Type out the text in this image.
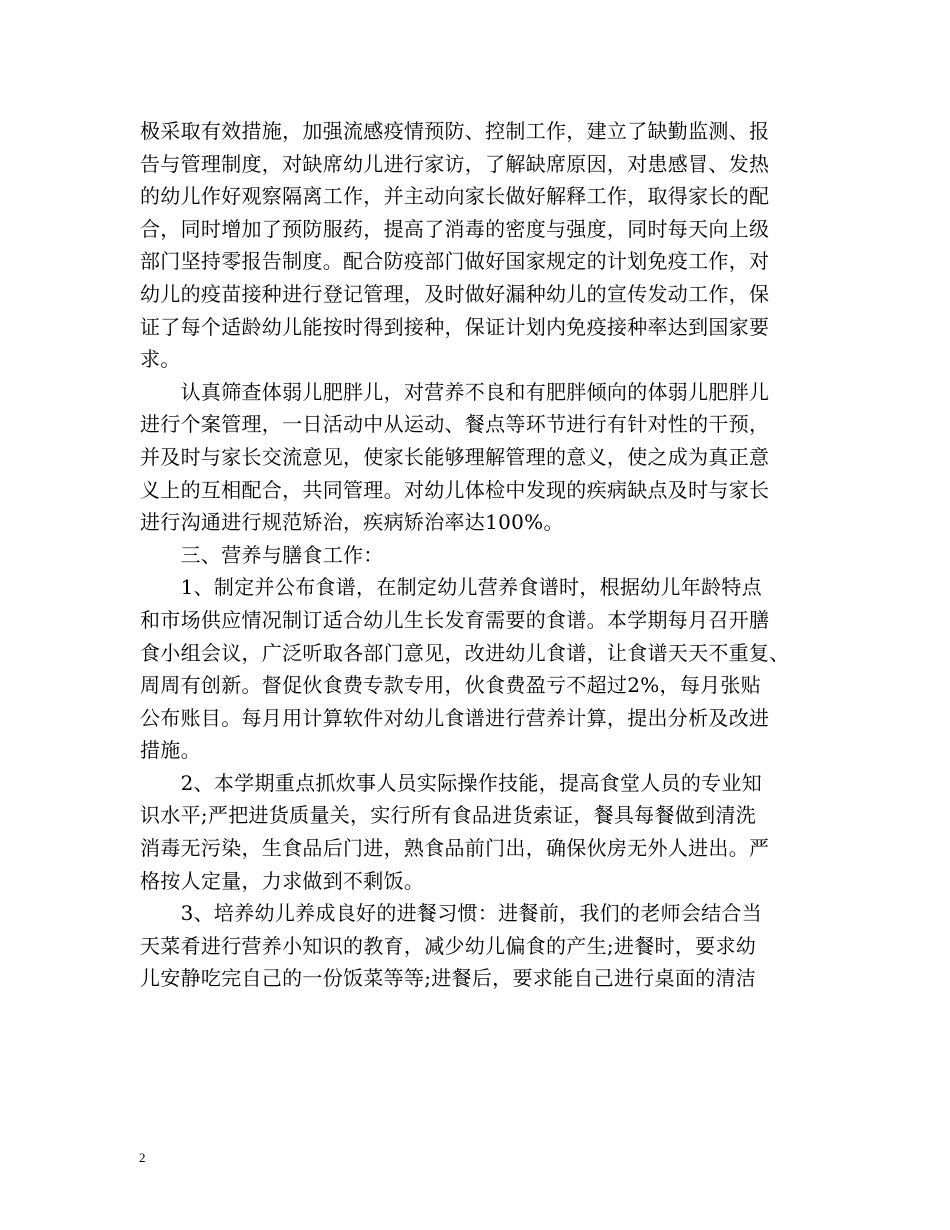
极采取有效措施，加强流感疫情预防、控制工作，建立了缺勤监测、报
告与管理制度，对缺席幼儿进行家访，了解缺席原因，对患感冒、发热
的幼儿作好观察隔离工作，并主动向家长做好解释工作，取得家长的配
合，同时增加了预防服药，提高了消毒的密度与强度，同时每天向上级
部门坚持零报告制度。配合防疫部门做好国家规定的计划免疫工作，对
幼儿的疫苗接种进行登记管理，及时做好漏种幼儿的宣传发动工作，保
证了每个适龄幼儿能按时得到接种，保证计划内免疫接种率达到国家要
求。
　　认真筛查体弱儿肥胖儿，对营养不良和有肥胖倾向的体弱儿肥胖儿
进行个案管理，一日活动中从运动、餐点等环节进行有针对性的干预，
并及时与家长交流意见，使家长能够理解管理的意义，使之成为真正意
义上的互相配合，共同管理。对幼儿体检中发现的疾病缺点及时与家长
进行沟通进行规范矫治，疾病矫治率达100%。
　　三、营养与膳食工作：
　　1、制定并公布食谱，在制定幼儿营养食谱时，根据幼儿年龄特点
和市场供应情况制订适合幼儿生长发育需要的食谱。本学期每月召开膳
食小组会议，广泛听取各部门意见，改进幼儿食谱，让食谱天天不重复、
周周有创新。督促伙食费专款专用，伙食费盈亏不超过2%，每月张贴
公布账目。每月用计算软件对幼儿食谱进行营养计算，提出分析及改进
措施。
　　2、本学期重点抓炊事人员实际操作技能，提高食堂人员的专业知
识水平;严把进货质量关，实行所有食品进货索证，餐具每餐做到清洗
消毒无污染，生食品后门进，熟食品前门出，确保伙房无外人进出。严
格按人定量，力求做到不剩饭。
　　3、培养幼儿养成良好的进餐习惯：进餐前，我们的老师会结合当
天菜肴进行营养小知识的教育，减少幼儿偏食的产生;进餐时，要求幼
儿安静吃完自己的一份饭菜等等;进餐后，要求能自己进行桌面的清洁
2
